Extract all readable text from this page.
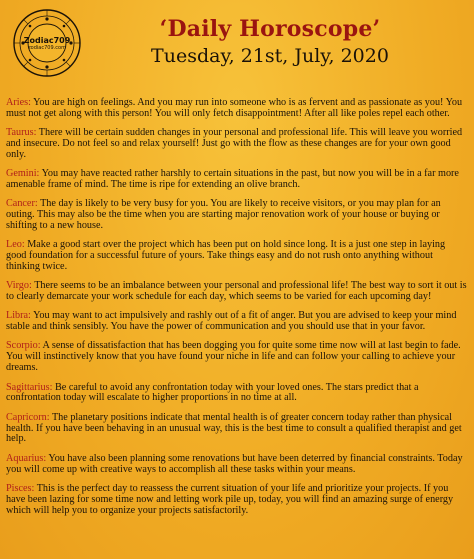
Zodiac709
zodiac709.com
‘Daily Horoscope’
Tuesday, 21st, July, 2020

Aries: You are high on feelings. And you may run into someone who is as fervent and as passionate as you! You must not get along with this person! You will only fetch disappointment! After all like poles repel each other.

Taurus: There will be certain sudden changes in your personal and professional life. This will leave you worried and insecure. Do not feel so and relax yourself! Just go with the flow as these changes are for your own good only.

Gemini: You may have reacted rather harshly to certain situations in the past, but now you will be in a far more amenable frame of mind. The time is ripe for extending an olive branch.

Cancer: The day is likely to be very busy for you. You are likely to receive visitors, or you may plan for an outing. This may also be the time when you are starting major renovation work of your house or buying or shifting to a new house.

Leo: Make a good start over the project which has been put on hold since long. It is a just one step in laying good foundation for a successful future of yours. Take things easy and do not rush onto anything without thinking twice.

Virgo: There seems to be an imbalance between your personal and professional life! The best way to sort it out is to clearly demarcate your work schedule for each day, which seems to be varied for each upcoming day!

Libra: You may want to act impulsively and rashly out of a fit of anger. But you are advised to keep your mind stable and think sensibly. You have the power of communication and you should use that in your favor.

Scorpio: A sense of dissatisfaction that has been dogging you for quite some time now will at last begin to fade. You will instinctively know that you have found your niche in life and can follow your calling to achieve your dreams.

Sagittarius: Be careful to avoid any confrontation today with your loved ones. The stars predict that a confrontation today will escalate to higher proportions in no time at all.

Capricorn: The planetary positions indicate that mental health is of greater concern today rather than physical health. If you have been behaving in an unusual way, this is the best time to consult a qualified therapist and get help.

Aquarius: You have also been planning some renovations but have been deterred by financial constraints. Today you will come up with creative ways to accomplish all these tasks within your means.

Pisces: This is the perfect day to reassess the current situation of your life and prioritize your projects. If you have been lazing for some time now and letting work pile up, today, you will find an amazing surge of energy which will help you to organize your projects satisfactorily.
